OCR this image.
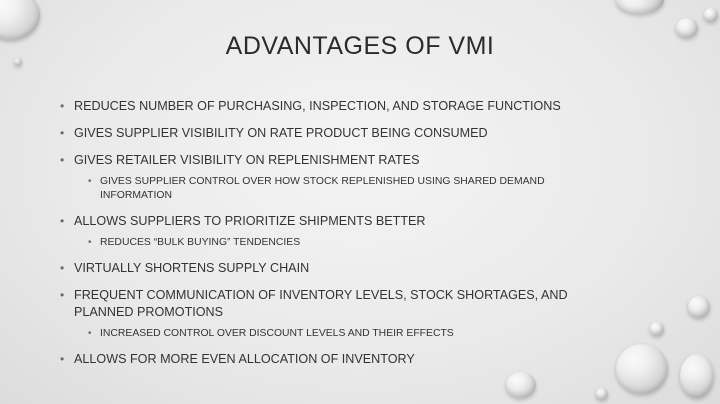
ADVANTAGES OF VMI
• REDUCES NUMBER OF PURCHASING, INSPECTION, AND STORAGE FUNCTIONS
• GIVES SUPPLIER VISIBILITY ON RATE PRODUCT BEING CONSUMED
• GIVES RETAILER VISIBILITY ON REPLENISHMENT RATES
• GIVES SUPPLIER CONTROL OVER HOW STOCK REPLENISHED USING SHARED DEMAND INFORMATION
• ALLOWS SUPPLIERS TO PRIORITIZE SHIPMENTS BETTER
• REDUCES “BULK BUYING” TENDENCIES
• VIRTUALLY SHORTENS SUPPLY CHAIN
• FREQUENT COMMUNICATION OF INVENTORY LEVELS, STOCK SHORTAGES, AND PLANNED PROMOTIONS
• INCREASED CONTROL OVER DISCOUNT LEVELS AND THEIR EFFECTS
• ALLOWS FOR MORE EVEN ALLOCATION OF INVENTORY
